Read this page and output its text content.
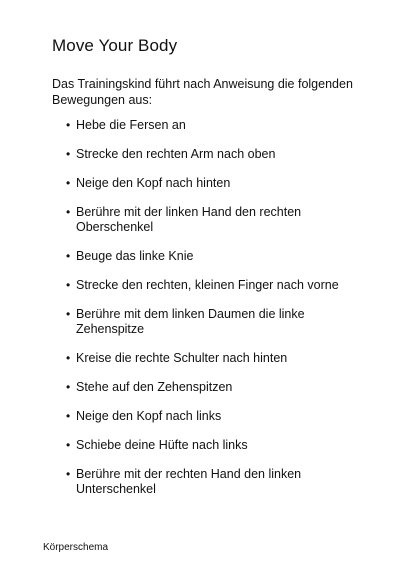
Move Your Body

Das Trainingskind führt nach Anweisung die folgenden Bewegungen aus:

• Hebe die Fersen an
• Strecke den rechten Arm nach oben
• Neige den Kopf nach hinten
• Berühre mit der linken Hand den rechten Oberschenkel
• Beuge das linke Knie
• Strecke den rechten, kleinen Finger nach vorne
• Berühre mit dem linken Daumen die linke Zehenspitze
• Kreise die rechte Schulter nach hinten
• Stehe auf den Zehenspitzen
• Neige den Kopf nach links
• Schiebe deine Hüfte nach links
• Berühre mit der rechten Hand den linken Unterschenkel
Körperschema
